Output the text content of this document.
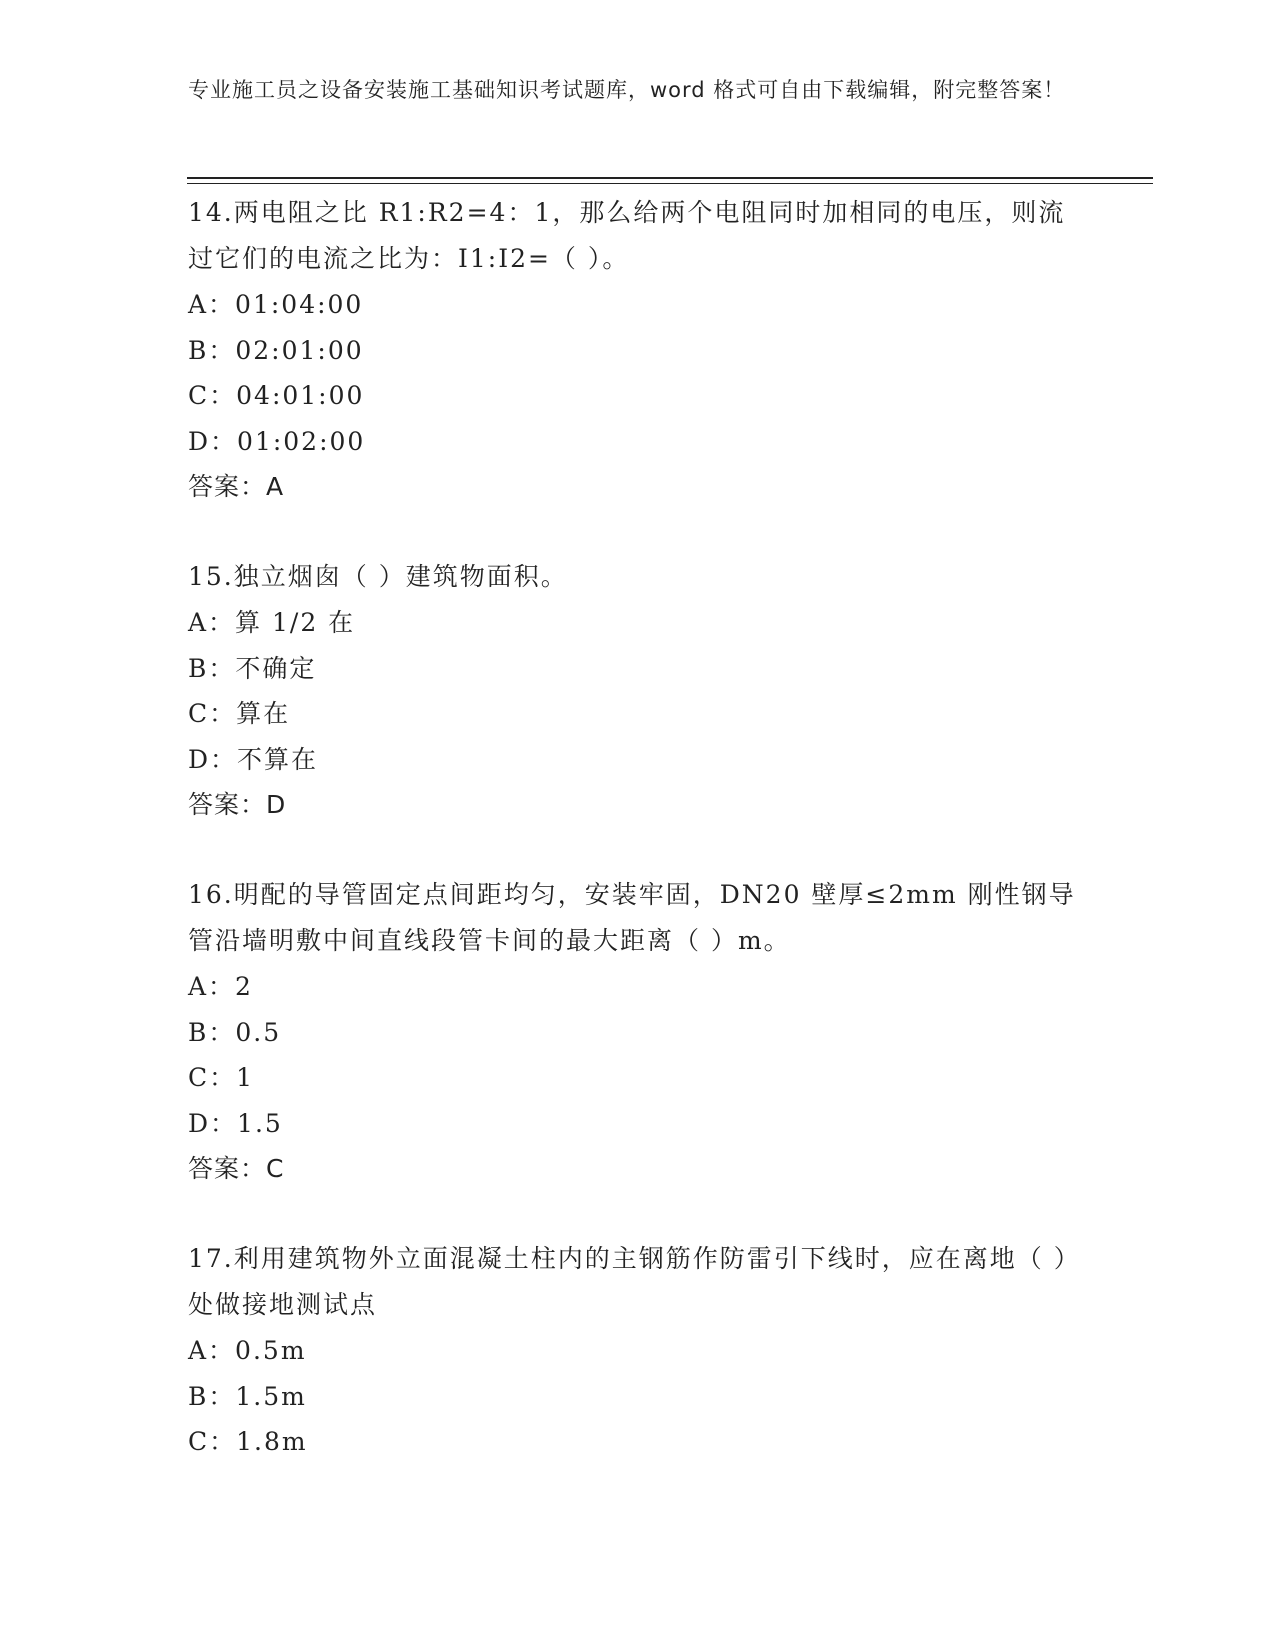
专业施工员之设备安装施工基础知识考试题库，word 格式可自由下载编辑，附完整答案！
14.两电阻之比 R1:R2=4：1，那么给两个电阻同时加相同的电压，则流过它们的电流之比为：I1:I2=（ ）。
A：01:04:00
B：02:01:00
C：04:01:00
D：01:02:00
答案：A
15.独立烟囱（ ）建筑物面积。
A：算 1/2 在
B：不确定
C：算在
D：不算在
答案：D
16.明配的导管固定点间距均匀，安装牢固，DN20 壁厚≤2mm 刚性钢导管沿墙明敷中间直线段管卡间的最大距离（ ）m。
A：2
B：0.5
C：1
D：1.5
答案：C
17.利用建筑物外立面混凝土柱内的主钢筋作防雷引下线时，应在离地（ ）处做接地测试点
A：0.5m
B：1.5m
C：1.8m
